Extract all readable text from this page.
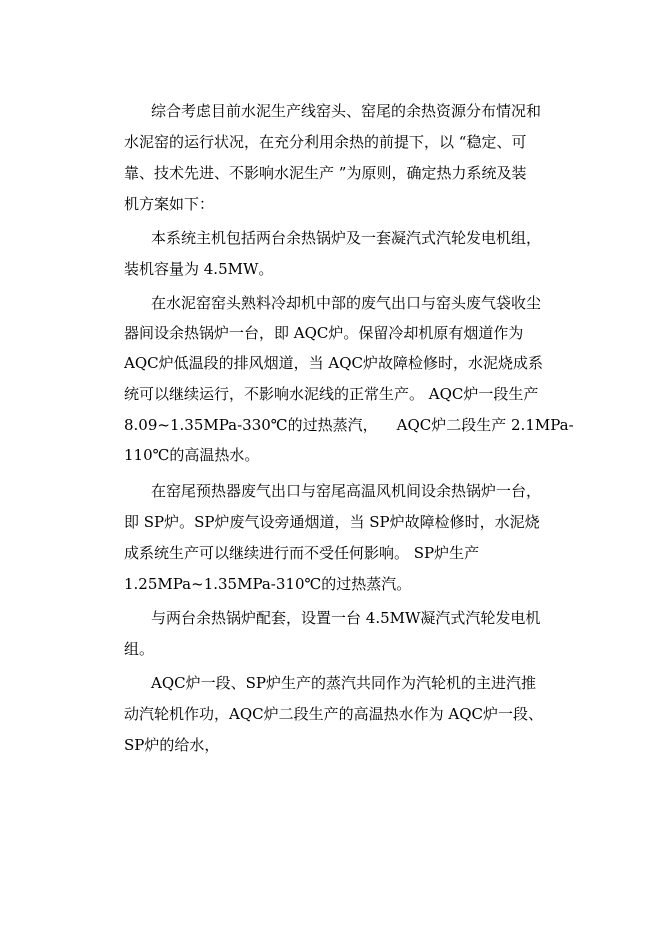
综合考虑目前水泥生产线窑头、窑尾的余热资源分布情况和
水泥窑的运行状况，在充分利用余热的前提下，以 “稳定、可
靠、技术先进、不影响水泥生产 ”为原则，确定热力系统及装
机方案如下：
本系统主机包括两台余热锅炉及一套凝汽式汽轮发电机组，
装机容量为 4.5MW。
在水泥窑窑头熟料冷却机中部的废气出口与窑头废气袋收尘
器间设余热锅炉一台，即 AQC炉。保留冷却机原有烟道作为
AQC炉低温段的排风烟道，当 AQC炉故障检修时，水泥烧成系
统可以继续运行，不影响水泥线的正常生产。 AQC炉一段生产
8.09~1.35MPa-330℃的过热蒸汽，    AQC炉二段生产 2.1MPa-
110℃的高温热水。
在窑尾预热器废气出口与窑尾高温风机间设余热锅炉一台，
即 SP炉。SP炉废气设旁通烟道，当 SP炉故障检修时，水泥烧
成系统生产可以继续进行而不受任何影响。 SP炉生产
1.25MPa~1.35MPa-310℃的过热蒸汽。
与两台余热锅炉配套，设置一台 4.5MW凝汽式汽轮发电机
组。
AQC炉一段、SP炉生产的蒸汽共同作为汽轮机的主进汽推
动汽轮机作功，AQC炉二段生产的高温热水作为 AQC炉一段、
SP炉的给水，
